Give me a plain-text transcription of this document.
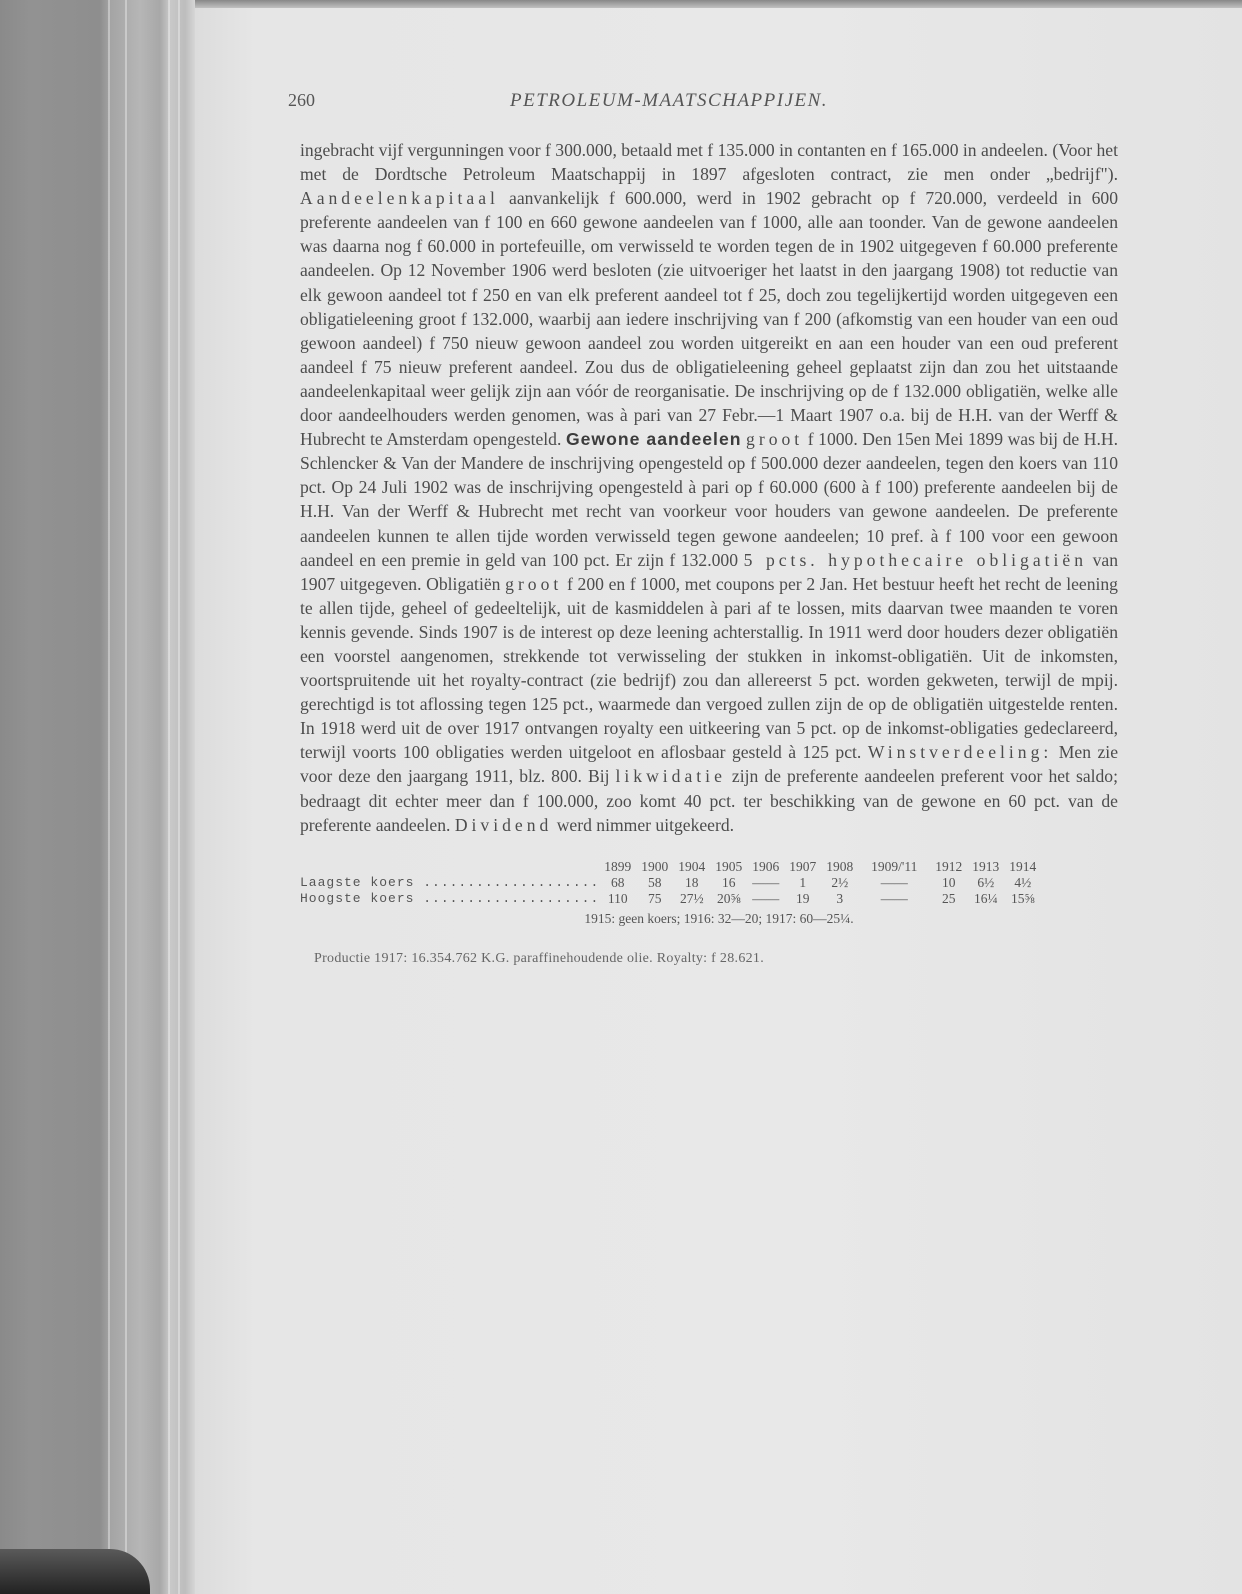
260	PETROLEUM-MAATSCHAPPIJEN.
ingebracht vijf vergunningen voor f 300.000, betaald met f 135.000 in contanten en f 165.000 in andeelen. (Voor het met de Dordtsche Petroleum Maatschappij in 1897 afgesloten contract, zie men onder „bedrijf"). Aandeelenkapitaal aanvankelijk f 600.000, werd in 1902 gebracht op f 720.000, verdeeld in 600 preferente aandeelen van f 100 en 660 gewone aandeelen van f 1000, alle aan toonder. Van de gewone aandeelen was daarna nog f 60.000 in portefeuille, om verwisseld te worden tegen de in 1902 uitgegeven f 60.000 preferente aandeelen. Op 12 November 1906 werd besloten (zie uitvoeriger het laatst in den jaargang 1908) tot reductie van elk gewoon aandeel tot f 250 en van elk preferent aandeel tot f 25, doch zou tegelijkertijd worden uitgegeven een obligatieleening groot f 132.000, waarbij aan iedere inschrijving van f 200 (afkomstig van een houder van een oud gewoon aandeel) f 750 nieuw gewoon aandeel zou worden uitgereikt en aan een houder van een oud preferent aandeel f 75 nieuw preferent aandeel. Zou dus de obligatieleening geheel geplaatst zijn dan zou het uitstaande aandeelenkapitaal weer gelijk zijn aan vóór de reorganisatie. De inschrijving op de f 132.000 obligatiën, welke alle door aandeelhouders werden genomen, was à pari van 27 Febr.—1 Maart 1907 o.a. bij de H.H. van der Werff & Hubrecht te Amsterdam opengesteld. Gewone aandeelen groot f 1000. Den 15en Mei 1899 was bij de H.H. Schlencker & Van der Mandere de inschrijving opengesteld op f 500.000 dezer aandeelen, tegen den koers van 110 pct. Op 24 Juli 1902 was de inschrijving opengesteld à pari op f 60.000 (600 à f 100) preferente aandeelen bij de H.H. Van der Werff & Hubrecht met recht van voorkeur voor houders van gewone aandeelen. De preferente aandeelen kunnen te allen tijde worden verwisseld tegen gewone aandeelen; 10 pref. à f 100 voor een gewoon aandeel en een premie in geld van 100 pct. Er zijn f 132.000 5 pcts. hypothecaire obligatiën van 1907 uitgegeven. Obligatiën groot f 200 en f 1000, met coupons per 2 Jan. Het bestuur heeft het recht de leening te allen tijde, geheel of gedeeltelijk, uit de kasmiddelen à pari af te lossen, mits daarvan twee maanden te voren kennis gevende. Sinds 1907 is de interest op deze leening achterstallig. In 1911 werd door houders dezer obligatiën een voorstel aangenomen, strekkende tot verwisseling der stukken in inkomst-obligatiën. Uit de inkomsten, voortspruitende uit het royalty-contract (zie bedrijf) zou dan allereerst 5 pct. worden gekweten, terwijl de mpij. gerechtigd is tot aflossing tegen 125 pct., waarmede dan vergoed zullen zijn de op de obligatiën uitgestelde renten. In 1918 werd uit de over 1917 ontvangen royalty een uitkeering van 5 pct. op de inkomst-obligaties gedeclareerd, terwijl voorts 100 obligaties werden uitgeloot en aflosbaar gesteld à 125 pct. Winstverdeeling: Men zie voor deze den jaargang 1911, blz. 800. Bij likwidatie zijn de preferente aandeelen preferent voor het saldo; bedraagt dit echter meer dan f 100.000, zoo komt 40 pct. ter beschikking van de gewone en 60 pct. van de preferente aandeelen. Dividend werd nimmer uitgekeerd.
	1899	1900	1904	1905	1906	1907	1908	1909/'11	1912	1913	1914
Laagste koers ....................	68	58	18	16	——	1	2½	——	10	6½	4½
Hoogste koers ....................	110	75	27½	20⅝	——	19	3	——	25	16¼	15⅝
1915: geen koers; 1916: 32—20; 1917: 60—25¼.
Productie 1917: 16.354.762 K.G. paraffinehoudende olie. Royalty: f 28.621.
